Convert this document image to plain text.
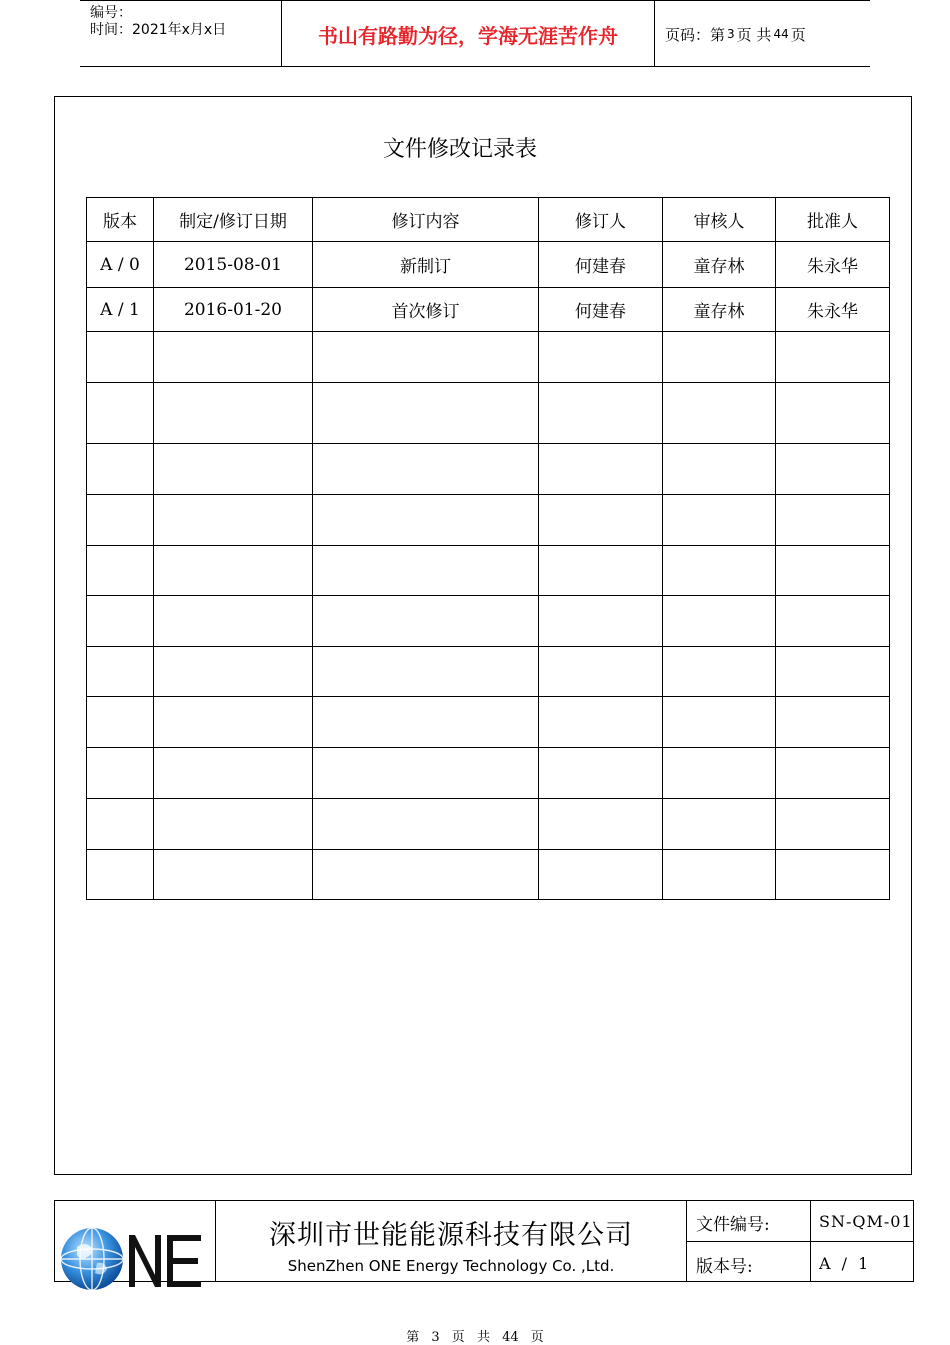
编号：
时间：2021年x月x日	书山有路勤为径，学海无涯苦作舟	页码：第 3 页 共 44 页
文件修改记录表
版本	制定/修订日期	修订内容	修订人	审核人	批准人
A / 0	2015-08-01	新制订	何建春	童存林	朱永华
A / 1	2016-01-20	首次修订	何建春	童存林	朱永华

深圳市世能能源科技有限公司
ShenZhen ONE Energy Technology Co. ,Ltd.
文件编号:	SN-QM-01
版本号:	A / 1
第 3 页 共 44 页
